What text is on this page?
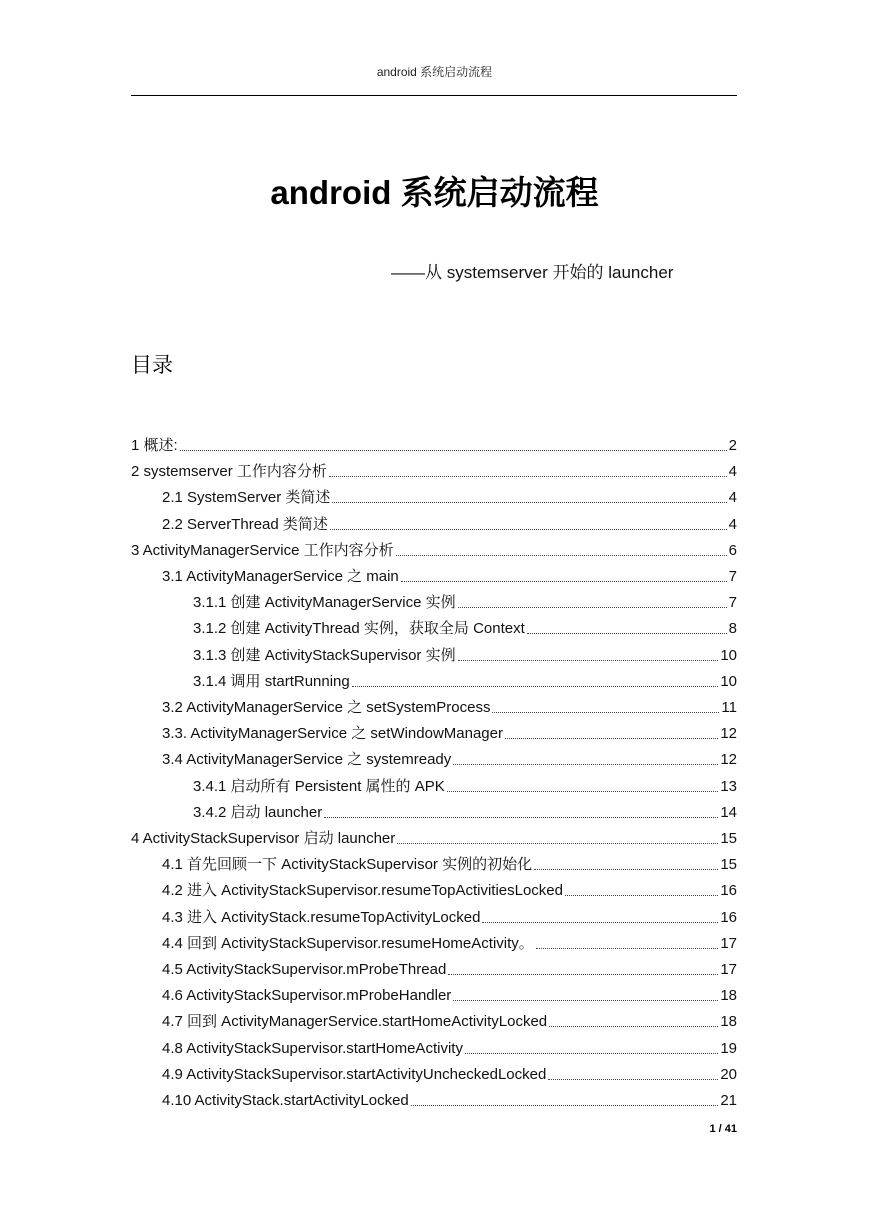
android 系统启动流程
android 系统启动流程
——从 systemserver 开始的 launcher
目录
1 概述:	2
2 systemserver 工作内容分析	4
2.1 SystemServer 类简述	4
2.2 ServerThread 类简述	4
3 ActivityManagerService 工作内容分析	6
3.1 ActivityManagerService 之 main	7
3.1.1 创建 ActivityManagerService 实例	7
3.1.2 创建 ActivityThread 实例，获取全局 Context	8
3.1.3 创建 ActivityStackSupervisor 实例	10
3.1.4 调用 startRunning	10
3.2 ActivityManagerService 之 setSystemProcess	11
3.3. ActivityManagerService 之 setWindowManager	12
3.4 ActivityManagerService 之 systemready	12
3.4.1 启动所有 Persistent 属性的 APK	13
3.4.2 启动 launcher	14
4 ActivityStackSupervisor 启动 launcher	15
4.1 首先回顾一下 ActivityStackSupervisor 实例的初始化	15
4.2 进入 ActivityStackSupervisor.resumeTopActivitiesLocked	16
4.3 进入 ActivityStack.resumeTopActivityLocked	16
4.4 回到 ActivityStackSupervisor.resumeHomeActivity。	17
4.5 ActivityStackSupervisor.mProbeThread	17
4.6 ActivityStackSupervisor.mProbeHandler	18
4.7 回到 ActivityManagerService.startHomeActivityLocked	18
4.8 ActivityStackSupervisor.startHomeActivity	19
4.9 ActivityStackSupervisor.startActivityUncheckedLocked	20
4.10 ActivityStack.startActivityLocked	21
1 / 41
